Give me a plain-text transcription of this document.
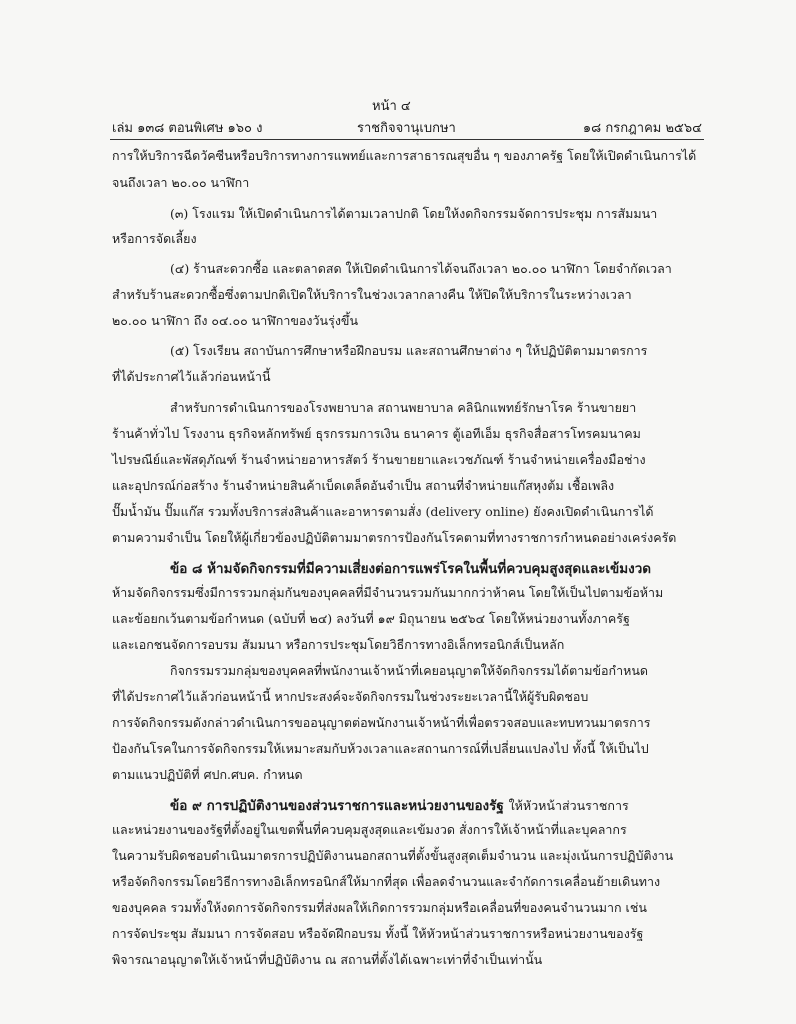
หน้า ๔
เล่ม ๑๓๘ ตอนพิเศษ ๑๖๐ ง	ราชกิจจานุเบกษา	๑๘ กรกฎาคม ๒๕๖๔
การให้บริการฉีดวัคซีนหรือบริการทางการแพทย์และการสาธารณสุขอื่น ๆ ของภาครัฐ โดยให้เปิดดำเนินการได้
จนถึงเวลา ๒๐.๐๐ นาฬิกา
(๓) โรงแรม ให้เปิดดำเนินการได้ตามเวลาปกติ โดยให้งดกิจกรรมจัดการประชุม การสัมมนา
หรือการจัดเลี้ยง
(๔) ร้านสะดวกซื้อ และตลาดสด ให้เปิดดำเนินการได้จนถึงเวลา ๒๐.๐๐ นาฬิกา โดยจำกัดเวลา
สำหรับร้านสะดวกซื้อซึ่งตามปกติเปิดให้บริการในช่วงเวลากลางคืน ให้ปิดให้บริการในระหว่างเวลา
๒๐.๐๐ นาฬิกา ถึง ๐๔.๐๐ นาฬิกาของวันรุ่งขึ้น
(๕) โรงเรียน สถาบันการศึกษาหรือฝึกอบรม และสถานศึกษาต่าง ๆ ให้ปฏิบัติตามมาตรการ
ที่ได้ประกาศไว้แล้วก่อนหน้านี้
สำหรับการดำเนินการของโรงพยาบาล สถานพยาบาล คลินิกแพทย์รักษาโรค ร้านขายยา
ร้านค้าทั่วไป โรงงาน ธุรกิจหลักทรัพย์ ธุรกรรมการเงิน ธนาคาร ตู้เอทีเอ็ม ธุรกิจสื่อสารโทรคมนาคม
ไปรษณีย์และพัสดุภัณฑ์ ร้านจำหน่ายอาหารสัตว์ ร้านขายยาและเวชภัณฑ์ ร้านจำหน่ายเครื่องมือช่าง
และอุปกรณ์ก่อสร้าง ร้านจำหน่ายสินค้าเบ็ดเตล็ดอันจำเป็น สถานที่จำหน่ายแก๊สหุงต้ม เชื้อเพลิง
ปั๊มน้ำมัน ปั๊มแก๊ส รวมทั้งบริการส่งสินค้าและอาหารตามสั่ง (delivery online) ยังคงเปิดดำเนินการได้
ตามความจำเป็น โดยให้ผู้เกี่ยวข้องปฏิบัติตามมาตรการป้องกันโรคตามที่ทางราชการกำหนดอย่างเคร่งครัด
ข้อ ๘ ห้ามจัดกิจกรรมที่มีความเสี่ยงต่อการแพร่โรคในพื้นที่ควบคุมสูงสุดและเข้มงวด
ห้ามจัดกิจกรรมซึ่งมีการรวมกลุ่มกันของบุคคลที่มีจำนวนรวมกันมากกว่าห้าคน โดยให้เป็นไปตามข้อห้าม
และข้อยกเว้นตามข้อกำหนด (ฉบับที่ ๒๔) ลงวันที่ ๑๙ มิถุนายน ๒๕๖๔ โดยให้หน่วยงานทั้งภาครัฐ
และเอกชนจัดการอบรม สัมมนา หรือการประชุมโดยวิธีการทางอิเล็กทรอนิกส์เป็นหลัก
กิจกรรมรวมกลุ่มของบุคคลที่พนักงานเจ้าหน้าที่เคยอนุญาตให้จัดกิจกรรมได้ตามข้อกำหนด
ที่ได้ประกาศไว้แล้วก่อนหน้านี้ หากประสงค์จะจัดกิจกรรมในช่วงระยะเวลานี้ให้ผู้รับผิดชอบ
การจัดกิจกรรมดังกล่าวดำเนินการขออนุญาตต่อพนักงานเจ้าหน้าที่เพื่อตรวจสอบและทบทวนมาตรการ
ป้องกันโรคในการจัดกิจกรรมให้เหมาะสมกับห้วงเวลาและสถานการณ์ที่เปลี่ยนแปลงไป ทั้งนี้ ให้เป็นไป
ตามแนวปฏิบัติที่ ศปก.ศบค. กำหนด
ข้อ ๙ การปฏิบัติงานของส่วนราชการและหน่วยงานของรัฐ ให้หัวหน้าส่วนราชการ
และหน่วยงานของรัฐที่ตั้งอยู่ในเขตพื้นที่ควบคุมสูงสุดและเข้มงวด สั่งการให้เจ้าหน้าที่และบุคลากร
ในความรับผิดชอบดำเนินมาตรการปฏิบัติงานนอกสถานที่ตั้งขั้นสูงสุดเต็มจำนวน และมุ่งเน้นการปฏิบัติงาน
หรือจัดกิจกรรมโดยวิธีการทางอิเล็กทรอนิกส์ให้มากที่สุด เพื่อลดจำนวนและจำกัดการเคลื่อนย้ายเดินทาง
ของบุคคล รวมทั้งให้งดการจัดกิจกรรมที่ส่งผลให้เกิดการรวมกลุ่มหรือเคลื่อนที่ของคนจำนวนมาก เช่น
การจัดประชุม สัมมนา การจัดสอบ หรือจัดฝึกอบรม ทั้งนี้ ให้หัวหน้าส่วนราชการหรือหน่วยงานของรัฐ
พิจารณาอนุญาตให้เจ้าหน้าที่ปฏิบัติงาน ณ สถานที่ตั้งได้เฉพาะเท่าที่จำเป็นเท่านั้น
